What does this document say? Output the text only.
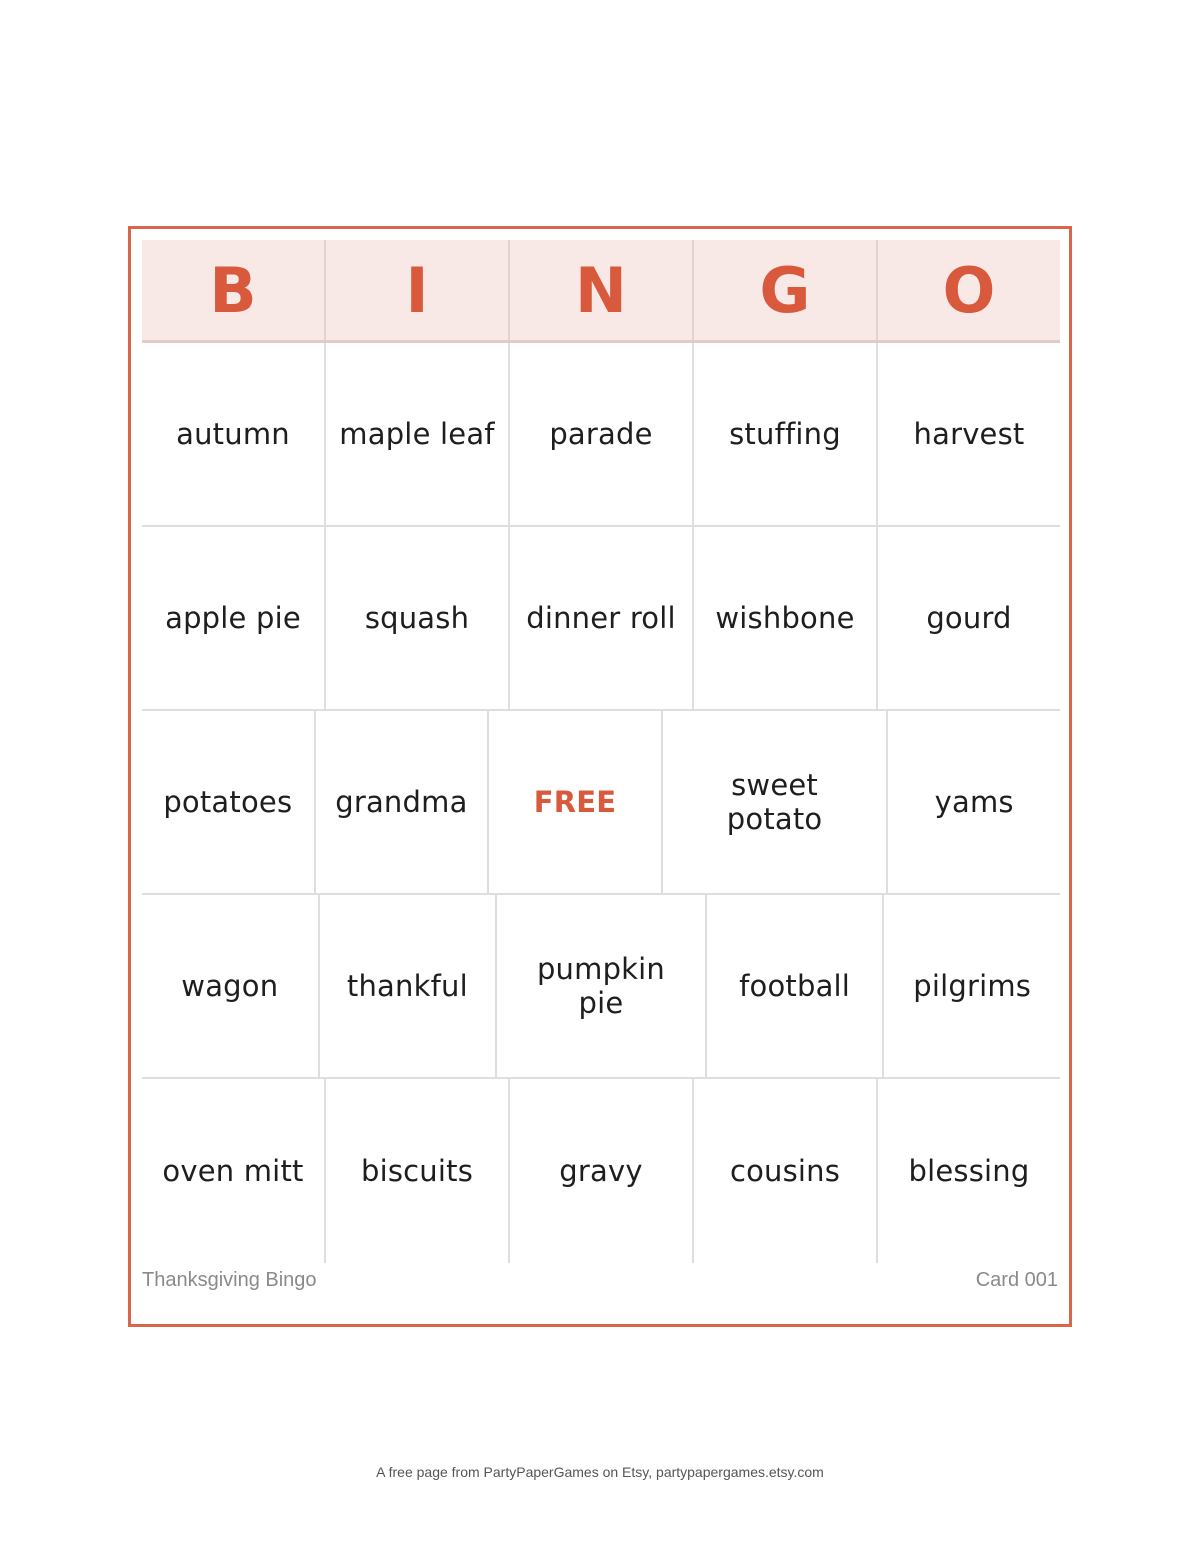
B	I	N	G	O
autumn	maple leaf	parade	stuffing	harvest
apple pie	squash	dinner roll	wishbone	gourd
potatoes	grandma	FREE	sweet potato	yams
wagon	thankful	pumpkin pie	football	pilgrims
oven mitt	biscuits	gravy	cousins	blessing
Thanksgiving Bingo	Card 001
A free page from PartyPaperGames on Etsy, partypapergames.etsy.com
